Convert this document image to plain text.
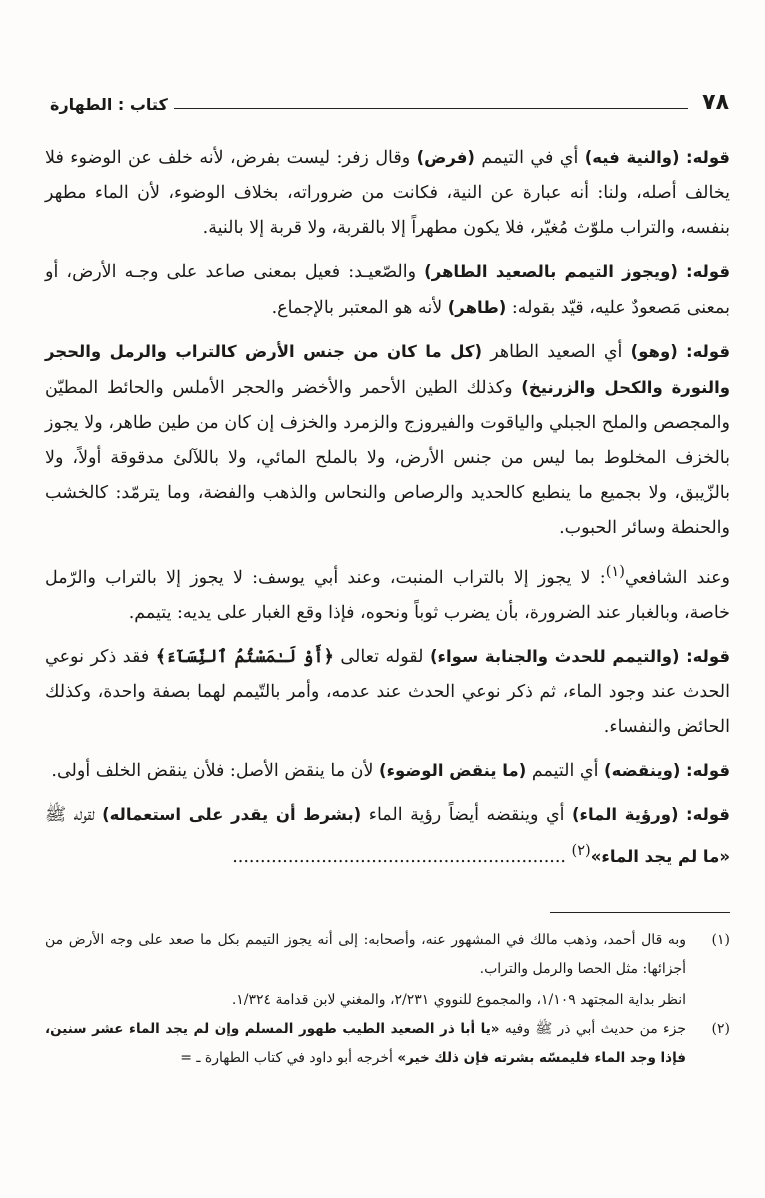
٧٨
كتاب : الطهارة

قوله: (والنية فيه) أي في التيمم (فرض) وقال زفر: ليست بفرض، لأنه خلف عن الوضوء فلا يخالف أصله، ولنا: أنه عبارة عن النية، فكانت من ضروراته، بخلاف الوضوء، لأن الماء مطهر بنفسه، والتراب ملوّث مُغيّر، فلا يكون مطهراً إلا بالقربة، ولا قربة إلا بالنية.

قوله: (ويجوز التيمم بالصعيد الطاهر) والصّعيـد: فعيل بمعنى صاعد على وجـه الأرض، أو بمعنى مَصعودٌ عليه، قيّد بقوله: (طاهر) لأنه هو المعتبر بالإجماع.

قوله: (وهو) أي الصعيد الطاهر (كل ما كان من جنس الأرض كالتراب والرمل والحجر والنورة والكحل والزرنيخ) وكذلك الطين الأحمر والأخضر والحجر الأملس والحائط المطيّن والمجصص والملح الجبلي والياقوت والفيروزج والزمرد والخزف إن كان من طين طاهر، ولا يجوز بالخزف المخلوط بما ليس من جنس الأرض، ولا بالملح المائي، ولا باللآلئ مدقوقة أولاً، ولا بالزّيبق، ولا بجميع ما ينطبع كالحديد والرصاص والنحاس والذهب والفضة، وما يترمّد: كالخشب والحنطة وسائر الحبوب.

وعند الشافعي$^{(١)}$: لا يجوز إلا بالتراب المنبت، وعند أبي يوسف: لا يجوز إلا بالتراب والرّمل خاصة، وبالغبار عند الضرورة، بأن يضرب ثوباً ونحوه، فإذا وقع الغبار على يديه: يتيمم.

قوله: (والتيمم للحدث والجنابة سواء) لقوله تعالى ﴿أَوْ لَـٰمَسْتُمُ ٱلنِّسَآءَ﴾ فقد ذكر نوعي الحدث عند وجود الماء، ثم ذكر نوعي الحدث عند عدمه، وأمر بالتّيمم لهما بصفة واحدة، وكذلك الحائض والنفساء.

قوله: (وينقضه) أي التيمم (ما ينقض الوضوء) لأن ما ينقض الأصل: فلأن ينقض الخلف أولى.

قوله: (ورؤية الماء) أي وينقضه أيضاً رؤية الماء (بشرط أن يقدر على استعماله) لقوله ﷺ «ما لم يجد الماء»$^{(٢)}$ ............................................................

(١)
وبه قال أحمد، وذهب مالك في المشهور عنه، وأصحابه: إلى أنه يجوز التيمم بكل ما صعد على وجه الأرض من أجزائها: مثل الحصا والرمل والتراب.
انظر بداية المجتهد ١/١٠٩، والمجموع للنووي ٢/٢٣١، والمغني لابن قدامة ١/٣٢٤.
(٢)
جزء من حديث أبي ذر ﷺ وفيه «يا أبا ذر الصعيد الطيب طهور المسلم وإن لم يجد الماء عشر سنين، فإذا وجد الماء فليمسّه بشرته فإن ذلك خير» أخرجه أبو داود في كتاب الطهارة ـ =
